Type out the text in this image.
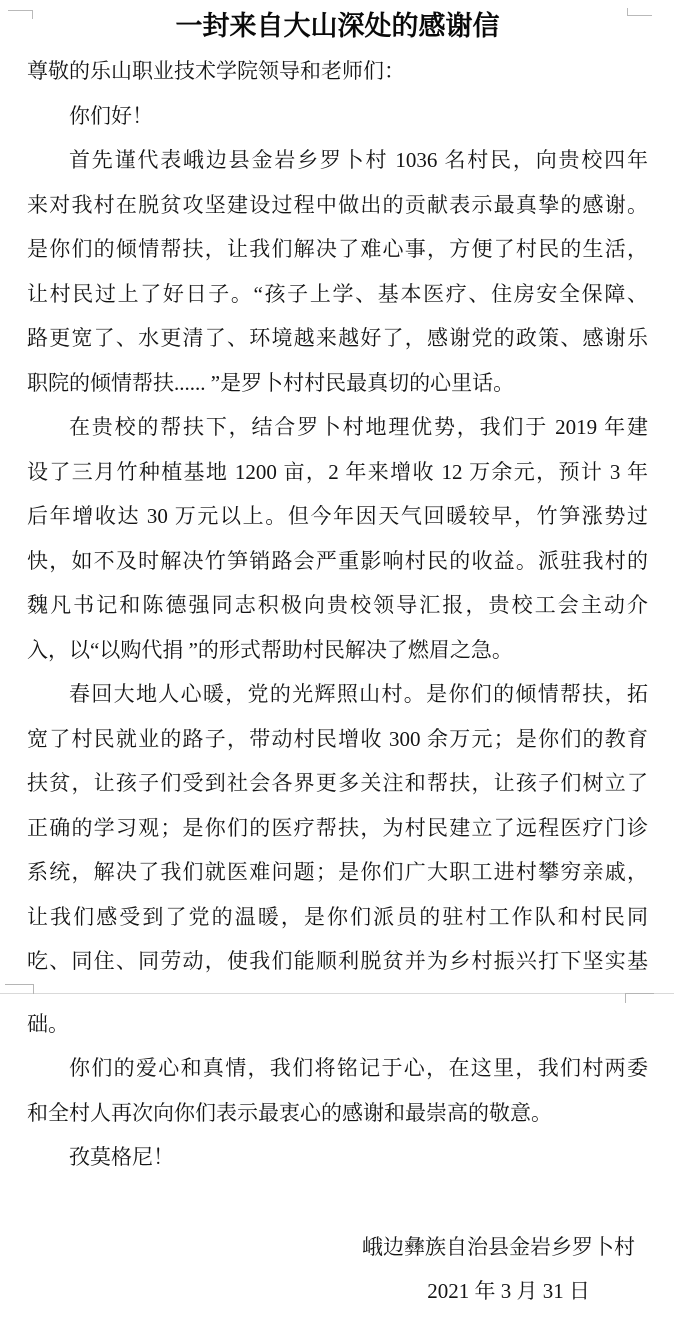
一封来自大山深处的感谢信
尊敬的乐山职业技术学院领导和老师们：
你们好！
首先谨代表峨边县金岩乡罗卜村 1036 名村民，向贵校四年
来对我村在脱贫攻坚建设过程中做出的贡献表示最真挚的感谢。
是你们的倾情帮扶，让我们解决了难心事，方便了村民的生活，
让村民过上了好日子。“孩子上学、基本医疗、住房安全保障、
路更宽了、水更清了、环境越来越好了，感谢党的政策、感谢乐
职院的倾情帮扶...... ”是罗卜村村民最真切的心里话。
在贵校的帮扶下，结合罗卜村地理优势，我们于 2019 年建
设了三月竹种植基地 1200 亩，2 年来增收 12 万余元，预计 3 年
后年增收达 30 万元以上。但今年因天气回暖较早，竹笋涨势过
快，如不及时解决竹笋销路会严重影响村民的收益。派驻我村的
魏凡书记和陈德强同志积极向贵校领导汇报，贵校工会主动介
入，以“以购代捐 ”的形式帮助村民解决了燃眉之急。
春回大地人心暖，党的光辉照山村。是你们的倾情帮扶，拓
宽了村民就业的路子，带动村民增收 300 余万元；是你们的教育
扶贫，让孩子们受到社会各界更多关注和帮扶，让孩子们树立了
正确的学习观；是你们的医疗帮扶，为村民建立了远程医疗门诊
系统，解决了我们就医难问题；是你们广大职工进村攀穷亲戚，
让我们感受到了党的温暖，是你们派员的驻村工作队和村民同
吃、同住、同劳动，使我们能顺利脱贫并为乡村振兴打下坚实基
础。
你们的爱心和真情，我们将铭记于心，在这里，我们村两委
和全村人再次向你们表示最衷心的感谢和最崇高的敬意。
孜莫格尼！
峨边彝族自治县金岩乡罗卜村
2021 年 3 月 31 日
